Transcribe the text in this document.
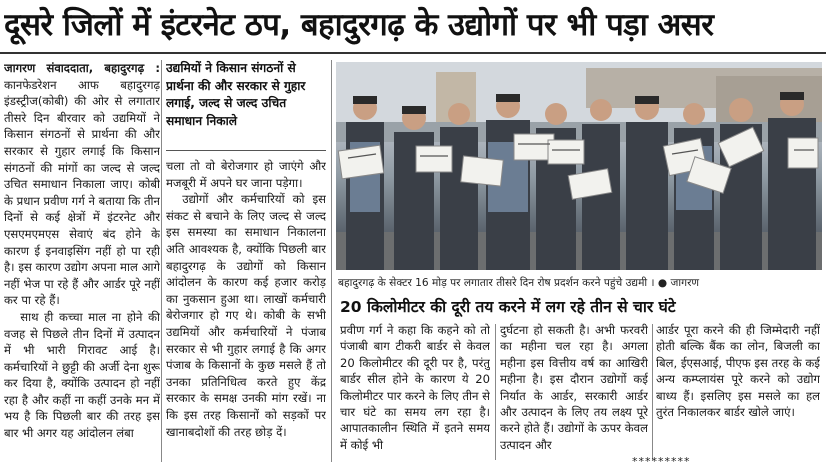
दूसरे जिलों में इंटरनेट ठप, बहादुरगढ़ के उद्योगों पर भी पड़ा असर

जागरण संवाददाता, बहादुरगढ़ : कानफेडरेशन आफ बहादुरगढ़ इंडस्ट्रीज(कोबी) की ओर से लगातार तीसरे दिन बीरवार को उद्यमियों ने किसान संगठनों से प्रार्थना की और सरकार से गुहार लगाई कि किसान संगठनों की मांगों का जल्द से जल्द उचित समाधान निकाला जाए। कोबी के प्रधान प्रवीण गर्ग ने बताया कि तीन दिनों से कई क्षेत्रों में इंटरनेट और एसएमएमएस सेवाएं बंद होने के कारण ई इनवाइसिंग नहीं हो पा रही है। इस कारण उद्योग अपना माल आगे नहीं भेज पा रहे हैं और आर्डर पूरे नहीं कर पा रहे हैं।

साथ ही कच्चा माल ना होने की वजह से पिछले तीन दिनों में उत्पादन में भी भारी गिरावट आई है। कर्मचारियों ने छुट्टी की अर्जी देना शुरू कर दिया है, क्योंकि उत्पादन हो नहीं रहा है और कहीं ना कहीं उनके मन में भय है कि पिछली बार की तरह इस बार भी अगर यह आंदोलन लंबा

उद्यमियों ने किसान संगठनों से प्रार्थना की और सरकार से गुहार लगाई, जल्द से जल्द उचित समाधान निकाले

चला तो वो बेरोजगार हो जाएंगे और मजबूरी में अपने घर जाना पड़ेगा।

उद्योगों और कर्मचारियों को इस संकट से बचाने के लिए जल्द से जल्द इस समस्या का समाधान निकालना अति आवश्यक है, क्योंकि पिछली बार बहादुरगढ़ के उद्योगों को किसान आंदोलन के कारण कई हजार करोड़ का नुकसान हुआ था। लाखों कर्मचारी बेरोजगार हो गए थे। कोबी के सभी उद्यमियों और कर्मचारियों ने पंजाब सरकार से भी गुहार लगाई है कि अगर पंजाब के किसानों के कुछ मसले हैं तो उनका प्रतिनिधित्व करते हुए केंद्र सरकार के समक्ष उनकी मांग रखें। ना कि इस तरह किसानों को सड़कों पर खानाबदोशों की तरह छोड़ दें।

बहादुरगढ़ के सेक्टर 16 मोड़ पर लगातार तीसरे दिन रोष प्रदर्शन करने पहुंचे उद्यमी । ● जागरण
20 किलोमीटर की दूरी तय करने में लग रहे तीन से चार घंटे
प्रवीण गर्ग ने कहा कि कहने को तो पंजाबी बाग टीकरी बार्डर से केवल 20 किलोमीटर की दूरी पर है, परंतु बार्डर सील होने के कारण ये 20 किलोमीटर पार करने के लिए तीन से चार घंटे का समय लग रहा है। आपातकालीन स्थिति में इतने समय में कोई भी
दुर्घटना हो सकती है। अभी फरवरी का महीना चल रहा है। अगला महीना इस वित्तीय वर्ष का आखिरी महीना है। इस दौरान उद्योगों कई निर्यात के आर्डर, सरकारी आर्डर और उत्पादन के लिए तय लक्ष्य पूरे करने होते हैं। उद्योगों के ऊपर केवल उत्पादन और
आर्डर पूरा करने की ही जिम्मेदारी नहीं होती बल्कि बैंक का लोन, बिजली का बिल, ईएसआई, पीएफ इस तरह के कई अन्य कम्प्लायंस पूरे करने को उद्योग बाध्य हैं। इसलिए इस मसले का हल तुरंत निकालकर बार्डर खोले जाएं।
*********
